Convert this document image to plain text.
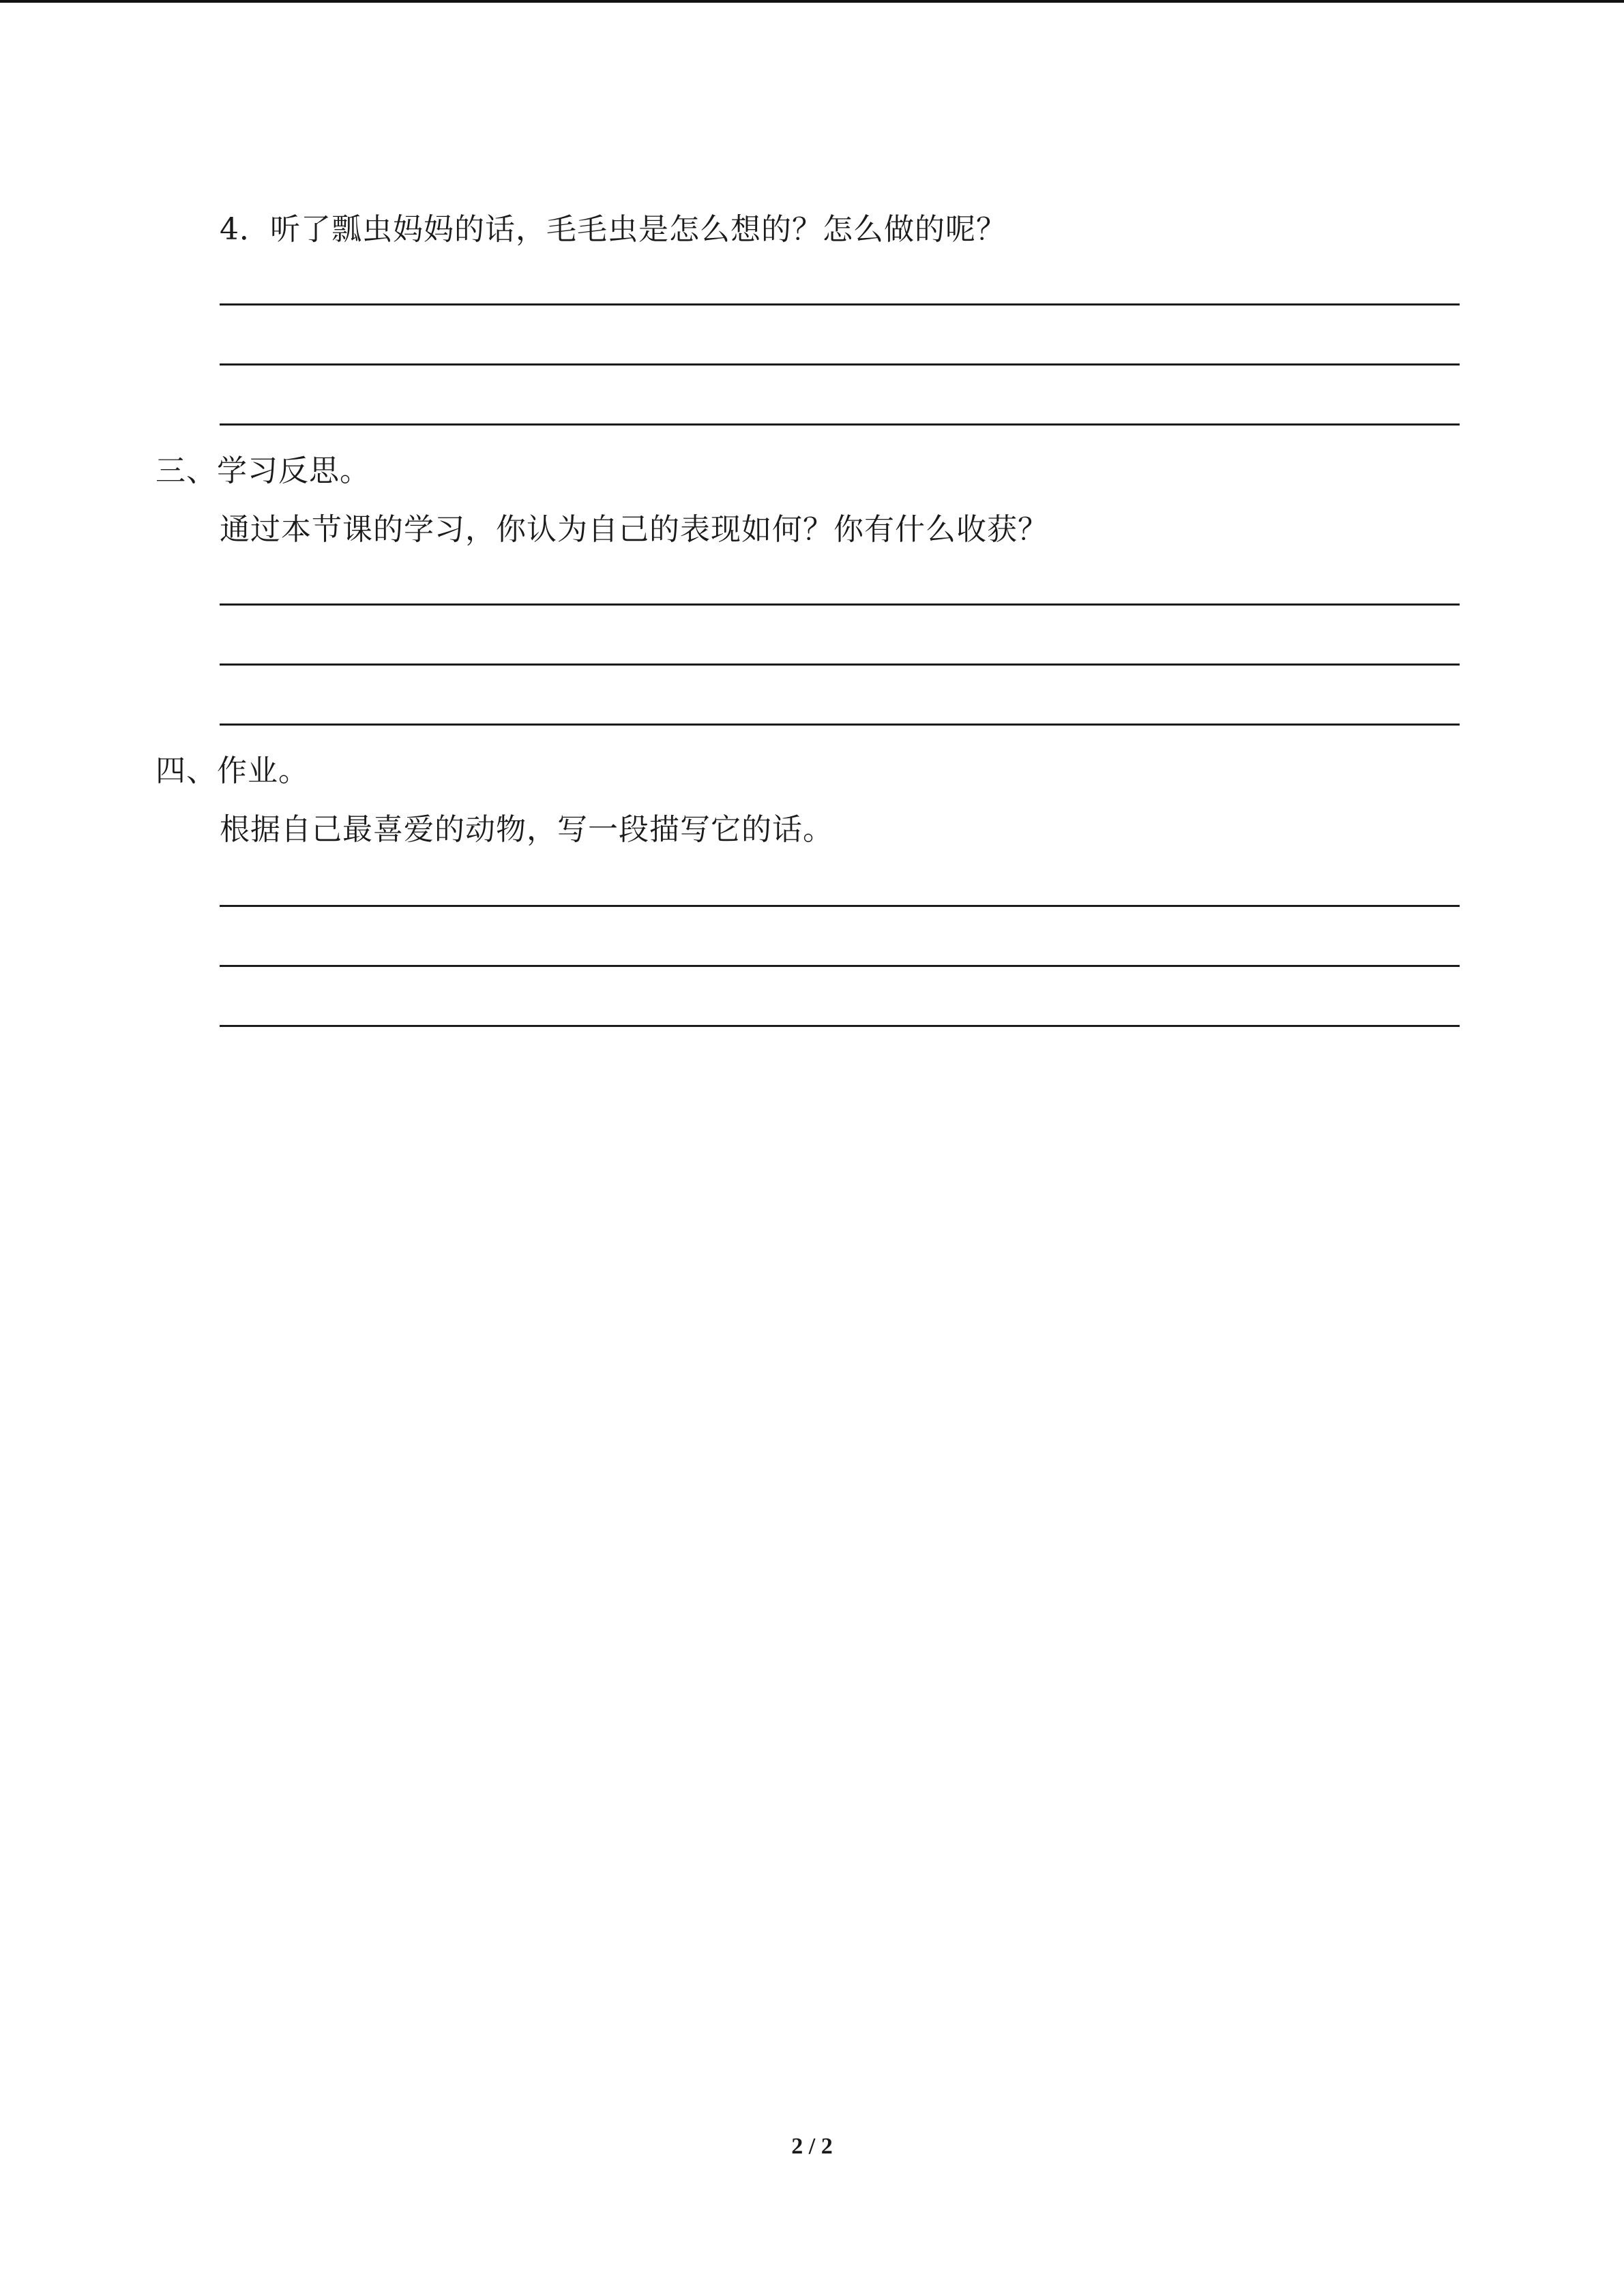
4．听了瓢虫妈妈的话，毛毛虫是怎么想的？怎么做的呢？
三、学习反思。
通过本节课的学习，你认为自己的表现如何？你有什么收获？
四、作业。
根据自己最喜爱的动物，写一段描写它的话。
2 / 2
